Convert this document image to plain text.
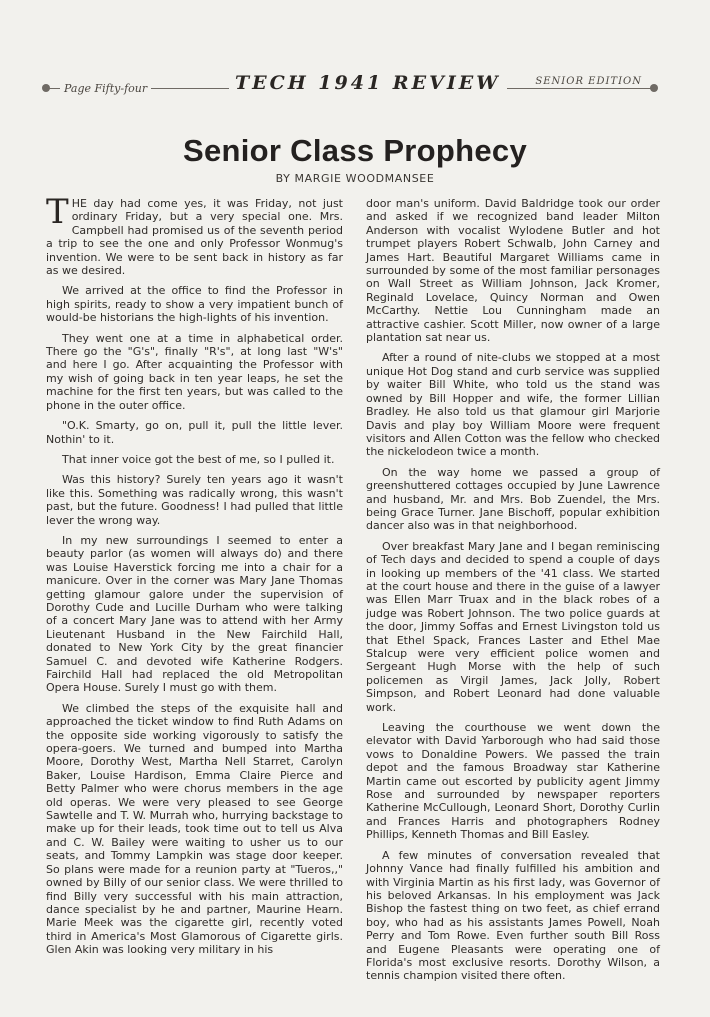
Page Fifty-four	TECH 1941 REVIEW	SENIOR EDITION
Senior Class Prophecy
BY MARGIE WOODMANSEE

THE day had come yes, it was Friday, not just ordinary Friday, but a very special one. Mrs. Campbell had promised us of the seventh period a trip to see the one and only Professor Wonmug's invention. We were to be sent back in history as far as we desired.

We arrived at the office to find the Professor in high spirits, ready to show a very impatient bunch of would-be historians the high-lights of his invention.

They went one at a time in alphabetical order. There go the "G's", finally "R's", at long last "W's" and here I go. After acquainting the Professor with my wish of going back in ten year leaps, he set the machine for the first ten years, but was called to the phone in the outer office.

"O.K. Smarty, go on, pull it, pull the little lever. Nothin' to it.

That inner voice got the best of me, so I pulled it.

Was this history? Surely ten years ago it wasn't like this. Something was radically wrong, this wasn't past, but the future. Goodness! I had pulled that little lever the wrong way.

In my new surroundings I seemed to enter a beauty parlor (as women will always do) and there was Louise Haverstick forcing me into a chair for a manicure. Over in the corner was Mary Jane Thomas getting glamour galore under the supervision of Dorothy Cude and Lucille Durham who were talking of a concert Mary Jane was to attend with her Army Lieutenant Husband in the New Fairchild Hall, donated to New York City by the great financier Samuel C. and devoted wife Katherine Rodgers. Fairchild Hall had replaced the old Metropolitan Opera House. Surely I must go with them.

We climbed the steps of the exquisite hall and approached the ticket window to find Ruth Adams on the opposite side working vigorously to satisfy the opera-goers. We turned and bumped into Martha Moore, Dorothy West, Martha Nell Starret, Carolyn Baker, Louise Hardison, Emma Claire Pierce and Betty Palmer who were chorus members in the age old operas. We were very pleased to see George Sawtelle and T. W. Murrah who, hurrying backstage to make up for their leads, took time out to tell us Alva and C. W. Bailey were waiting to usher us to our seats, and Tommy Lampkin was stage door keeper. So plans were made for a reunion party at "Tueros,," owned by Billy of our senior class. We were thrilled to find Billy very successful with his main attraction, dance specialist by he and partner, Maurine Hearn. Marie Meek was the cigarette girl, recently voted third in America's Most Glamorous of Cigarette girls. Glen Akin was looking very military in his

door man's uniform. David Baldridge took our order and asked if we recognized band leader Milton Anderson with vocalist Wylodene Butler and hot trumpet players Robert Schwalb, John Carney and James Hart. Beautiful Margaret Williams came in surrounded by some of the most familiar personages on Wall Street as William Johnson, Jack Kromer, Reginald Lovelace, Quincy Norman and Owen McCarthy. Nettie Lou Cunningham made an attractive cashier. Scott Miller, now owner of a large plantation sat near us.

After a round of nite-clubs we stopped at a most unique Hot Dog stand and curb service was supplied by waiter Bill White, who told us the stand was owned by Bill Hopper and wife, the former Lillian Bradley. He also told us that glamour girl Marjorie Davis and play boy William Moore were frequent visitors and Allen Cotton was the fellow who checked the nickelodeon twice a month.

On the way home we passed a group of greenshuttered cottages occupied by June Lawrence and husband, Mr. and Mrs. Bob Zuendel, the Mrs. being Grace Turner. Jane Bischoff, popular exhibition dancer also was in that neighborhood.

Over breakfast Mary Jane and I began reminiscing of Tech days and decided to spend a couple of days in looking up members of the '41 class. We started at the court house and there in the guise of a lawyer was Ellen Marr Truax and in the black robes of a judge was Robert Johnson. The two police guards at the door, Jimmy Soffas and Ernest Livingston told us that Ethel Spack, Frances Laster and Ethel Mae Stalcup were very efficient police women and Sergeant Hugh Morse with the help of such policemen as Virgil James, Jack Jolly, Robert Simpson, and Robert Leonard had done valuable work.

Leaving the courthouse we went down the elevator with David Yarborough who had said those vows to Donaldine Powers. We passed the train depot and the famous Broadway star Katherine Martin came out escorted by publicity agent Jimmy Rose and surrounded by newspaper reporters Katherine McCullough, Leonard Short, Dorothy Curlin and Frances Harris and photographers Rodney Phillips, Kenneth Thomas and Bill Easley.

A few minutes of conversation revealed that Johnny Vance had finally fulfilled his ambition and with Virginia Martin as his first lady, was Governor of his beloved Arkansas. In his employment was Jack Bishop the fastest thing on two feet, as chief errand boy, who had as his assistants James Powell, Noah Perry and Tom Rowe. Even further south Bill Ross and Eugene Pleasants were operating one of Florida's most exclusive resorts. Dorothy Wilson, a tennis champion visited there often.
